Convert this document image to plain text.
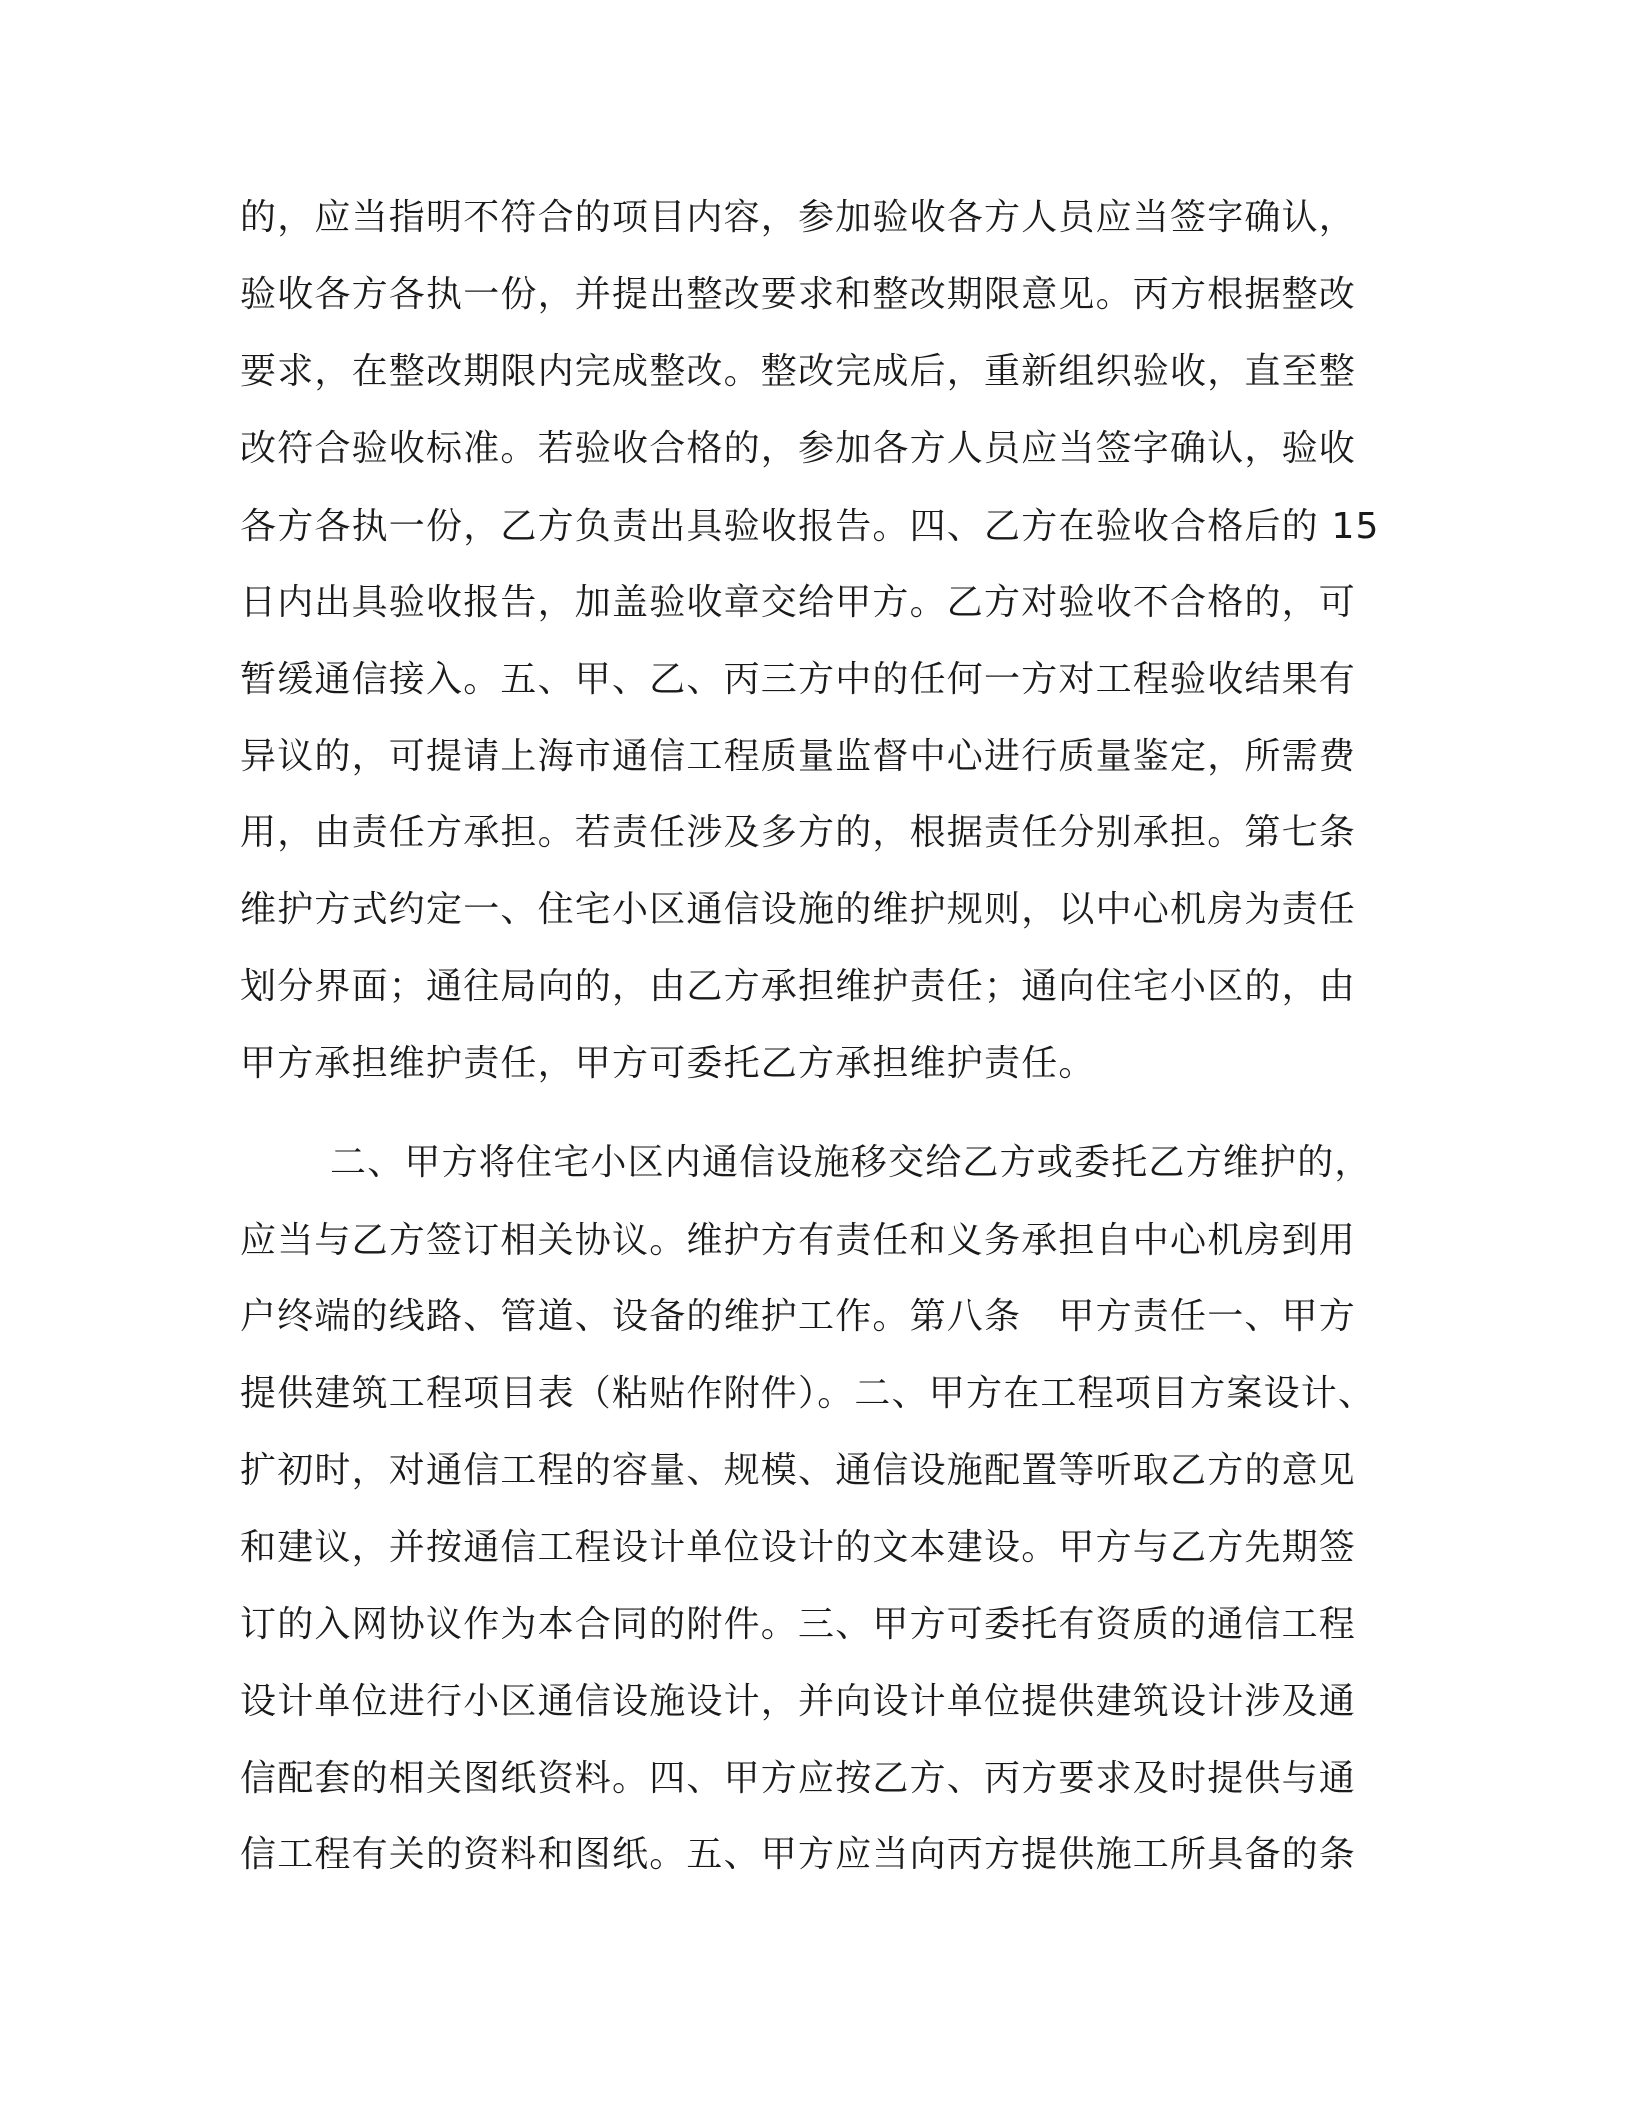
的，应当指明不符合的项目内容，参加验收各方人员应当签字确认，
验收各方各执一份，并提出整改要求和整改期限意见。丙方根据整改
要求，在整改期限内完成整改。整改完成后，重新组织验收，直至整
改符合验收标准。若验收合格的，参加各方人员应当签字确认，验收
各方各执一份，乙方负责出具验收报告。四、乙方在验收合格后的 15
日内出具验收报告，加盖验收章交给甲方。乙方对验收不合格的，可
暂缓通信接入。五、甲、乙、丙三方中的任何一方对工程验收结果有
异议的，可提请上海市通信工程质量监督中心进行质量鉴定，所需费
用，由责任方承担。若责任涉及多方的，根据责任分别承担。第七条
维护方式约定一、住宅小区通信设施的维护规则，以中心机房为责任
划分界面；通往局向的，由乙方承担维护责任；通向住宅小区的，由
甲方承担维护责任，甲方可委托乙方承担维护责任。
二、甲方将住宅小区内通信设施移交给乙方或委托乙方维护的，
应当与乙方签订相关协议。维护方有责任和义务承担自中心机房到用
户终端的线路、管道、设备的维护工作。第八条　甲方责任一、甲方
提供建筑工程项目表（粘贴作附件）。二、甲方在工程项目方案设计、
扩初时，对通信工程的容量、规模、通信设施配置等听取乙方的意见
和建议，并按通信工程设计单位设计的文本建设。甲方与乙方先期签
订的入网协议作为本合同的附件。三、甲方可委托有资质的通信工程
设计单位进行小区通信设施设计，并向设计单位提供建筑设计涉及通
信配套的相关图纸资料。四、甲方应按乙方、丙方要求及时提供与通
信工程有关的资料和图纸。五、甲方应当向丙方提供施工所具备的条
